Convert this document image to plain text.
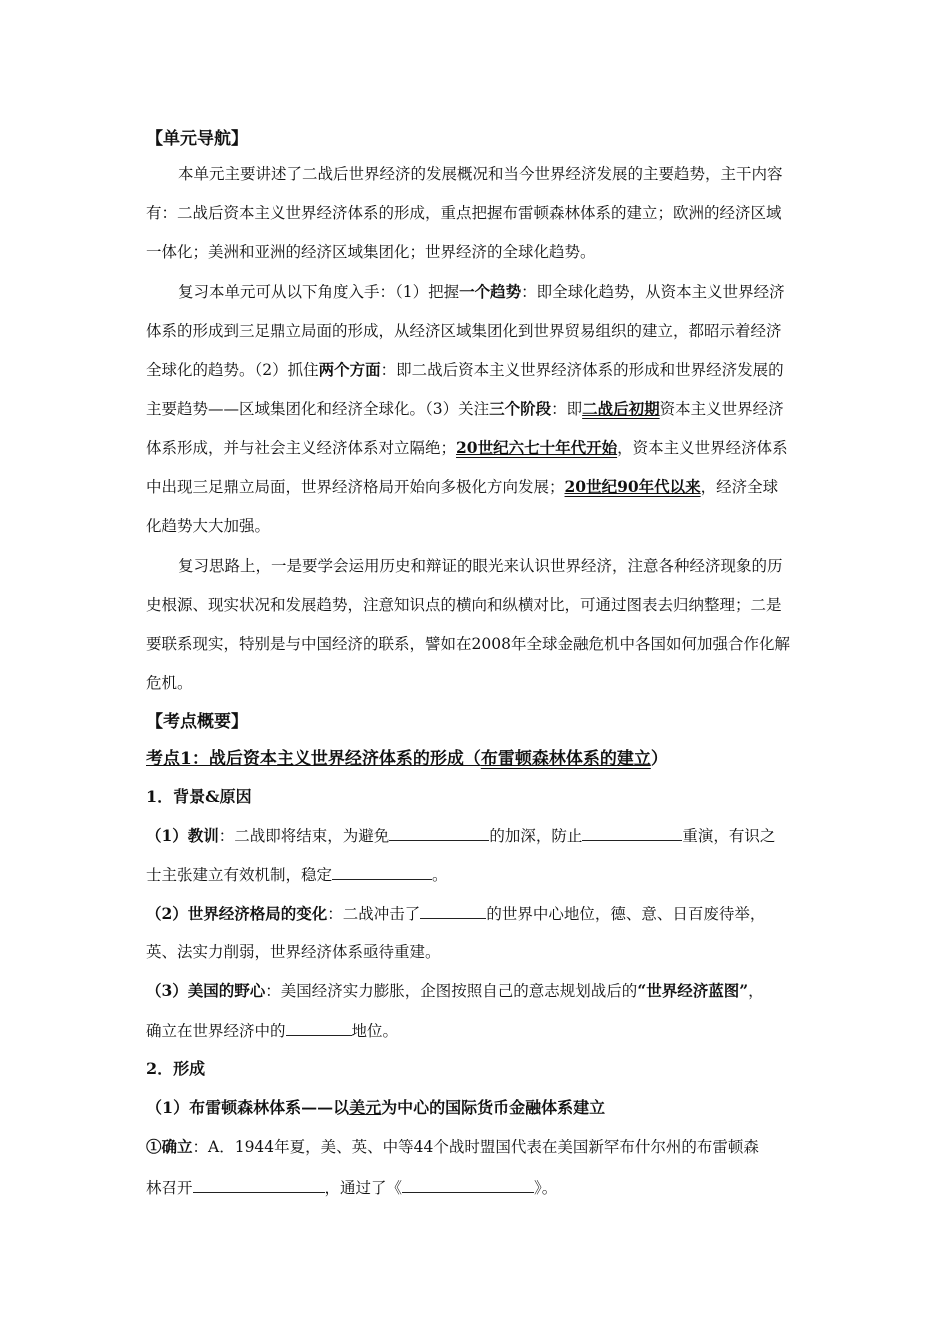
【单元导航】
本单元主要讲述了二战后世界经济的发展概况和当今世界经济发展的主要趋势，主干内容
有：二战后资本主义世界经济体系的形成，重点把握布雷顿森林体系的建立；欧洲的经济区域
一体化；美洲和亚洲的经济区域集团化；世界经济的全球化趋势。
复习本单元可从以下角度入手：（1）把握一个趋势：即全球化趋势，从资本主义世界经济
体系的形成到三足鼎立局面的形成，从经济区域集团化到世界贸易组织的建立，都昭示着经济
全球化的趋势。（2）抓住两个方面：即二战后资本主义世界经济体系的形成和世界经济发展的
主要趋势——区域集团化和经济全球化。（3）关注三个阶段：即二战后初期资本主义世界经济
体系形成，并与社会主义经济体系对立隔绝；20世纪六七十年代开始，资本主义世界经济体系
中出现三足鼎立局面，世界经济格局开始向多极化方向发展；20世纪90年代以来，经济全球
化趋势大大加强。
复习思路上，一是要学会运用历史和辩证的眼光来认识世界经济，注意各种经济现象的历
史根源、现实状况和发展趋势，注意知识点的横向和纵横对比，可通过图表去归纳整理；二是
要联系现实，特别是与中国经济的联系，譬如在2008年全球金融危机中各国如何加强合作化解
危机。
【考点概要】
考点1：战后资本主义世界经济体系的形成（布雷顿森林体系的建立）
1．背景&原因
（1）教训：二战即将结束，为避免	的加深，防止	重演，有识之
士主张建立有效机制，稳定	。
（2）世界经济格局的变化：二战冲击了	的世界中心地位，德、意、日百废待举，
英、法实力削弱，世界经济体系亟待重建。
（3）美国的野心：美国经济实力膨胀，企图按照自己的意志规划战后的“世界经济蓝图”，
确立在世界经济中的	地位。
2．形成
（1）布雷顿森林体系——以美元为中心的国际货币金融体系建立
①确立：A．1944年夏，美、英、中等44个战时盟国代表在美国新罕布什尔州的布雷顿森
林召开	，通过了《	》。
